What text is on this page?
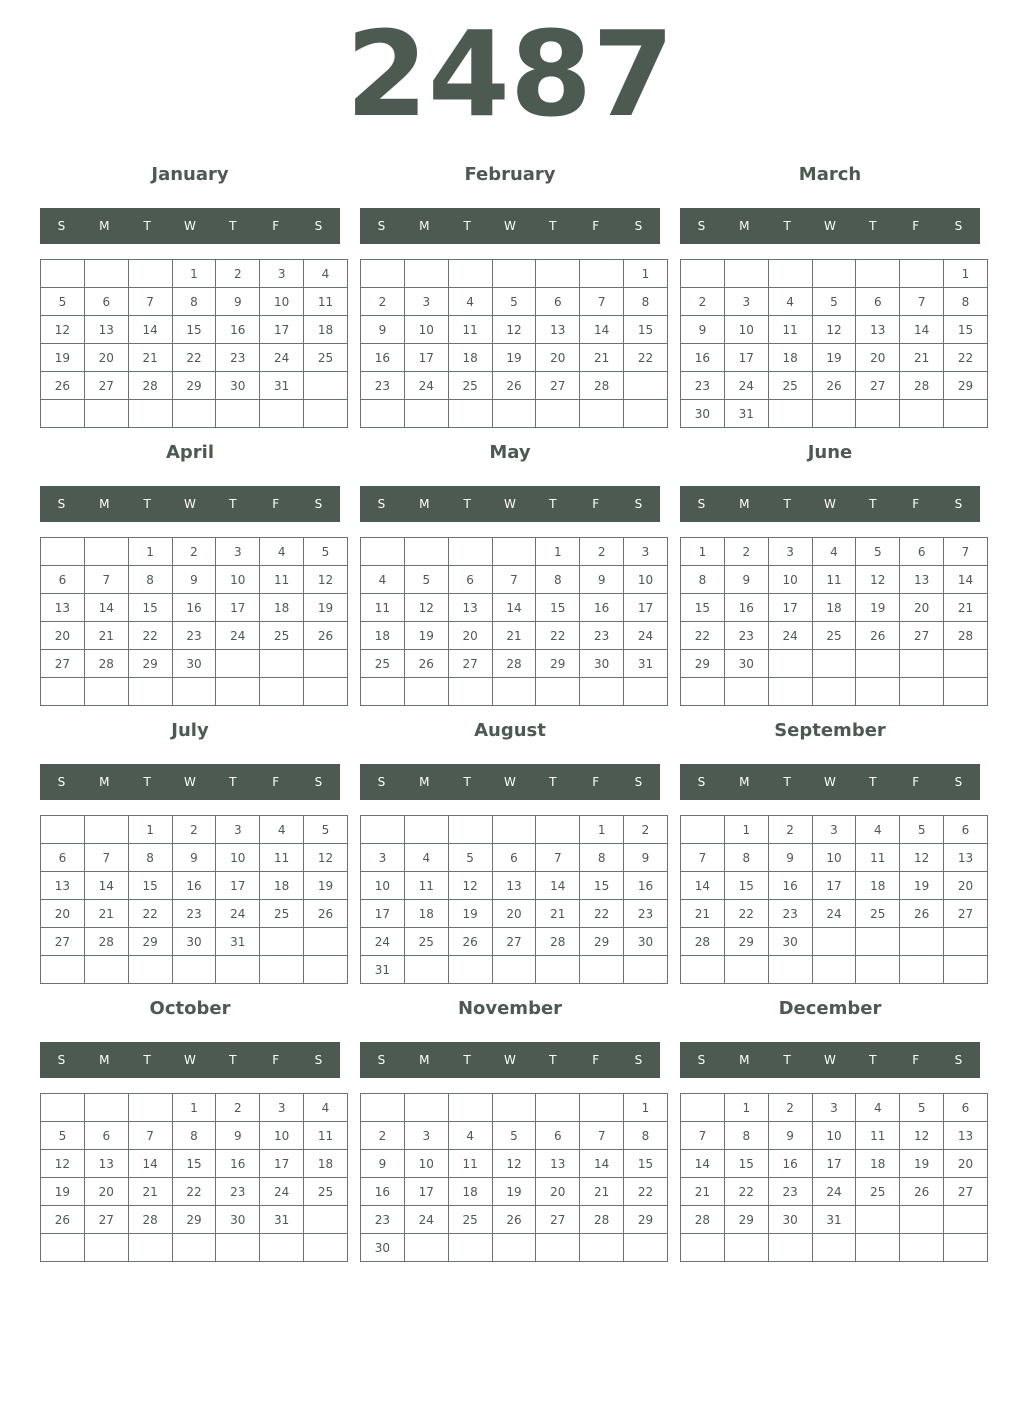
2487
January
S	M	T	W	T	F	S
			1	2	3	4
5	6	7	8	9	10	11
12	13	14	15	16	17	18
19	20	21	22	23	24	25
26	27	28	29	30	31	

February
S	M	T	W	T	F	S
						1
2	3	4	5	6	7	8
9	10	11	12	13	14	15
16	17	18	19	20	21	22
23	24	25	26	27	28	

March
S	M	T	W	T	F	S
						1
2	3	4	5	6	7	8
9	10	11	12	13	14	15
16	17	18	19	20	21	22
23	24	25	26	27	28	29
30	31					
April
S	M	T	W	T	F	S
		1	2	3	4	5
6	7	8	9	10	11	12
13	14	15	16	17	18	19
20	21	22	23	24	25	26
27	28	29	30			

May
S	M	T	W	T	F	S
				1	2	3
4	5	6	7	8	9	10
11	12	13	14	15	16	17
18	19	20	21	22	23	24
25	26	27	28	29	30	31

June
S	M	T	W	T	F	S
1	2	3	4	5	6	7
8	9	10	11	12	13	14
15	16	17	18	19	20	21
22	23	24	25	26	27	28
29	30					

July
S	M	T	W	T	F	S
		1	2	3	4	5
6	7	8	9	10	11	12
13	14	15	16	17	18	19
20	21	22	23	24	25	26
27	28	29	30	31		

August
S	M	T	W	T	F	S
					1	2
3	4	5	6	7	8	9
10	11	12	13	14	15	16
17	18	19	20	21	22	23
24	25	26	27	28	29	30
31						
September
S	M	T	W	T	F	S
	1	2	3	4	5	6
7	8	9	10	11	12	13
14	15	16	17	18	19	20
21	22	23	24	25	26	27
28	29	30				

October
S	M	T	W	T	F	S
			1	2	3	4
5	6	7	8	9	10	11
12	13	14	15	16	17	18
19	20	21	22	23	24	25
26	27	28	29	30	31	

November
S	M	T	W	T	F	S
						1
2	3	4	5	6	7	8
9	10	11	12	13	14	15
16	17	18	19	20	21	22
23	24	25	26	27	28	29
30						
December
S	M	T	W	T	F	S
	1	2	3	4	5	6
7	8	9	10	11	12	13
14	15	16	17	18	19	20
21	22	23	24	25	26	27
28	29	30	31			
